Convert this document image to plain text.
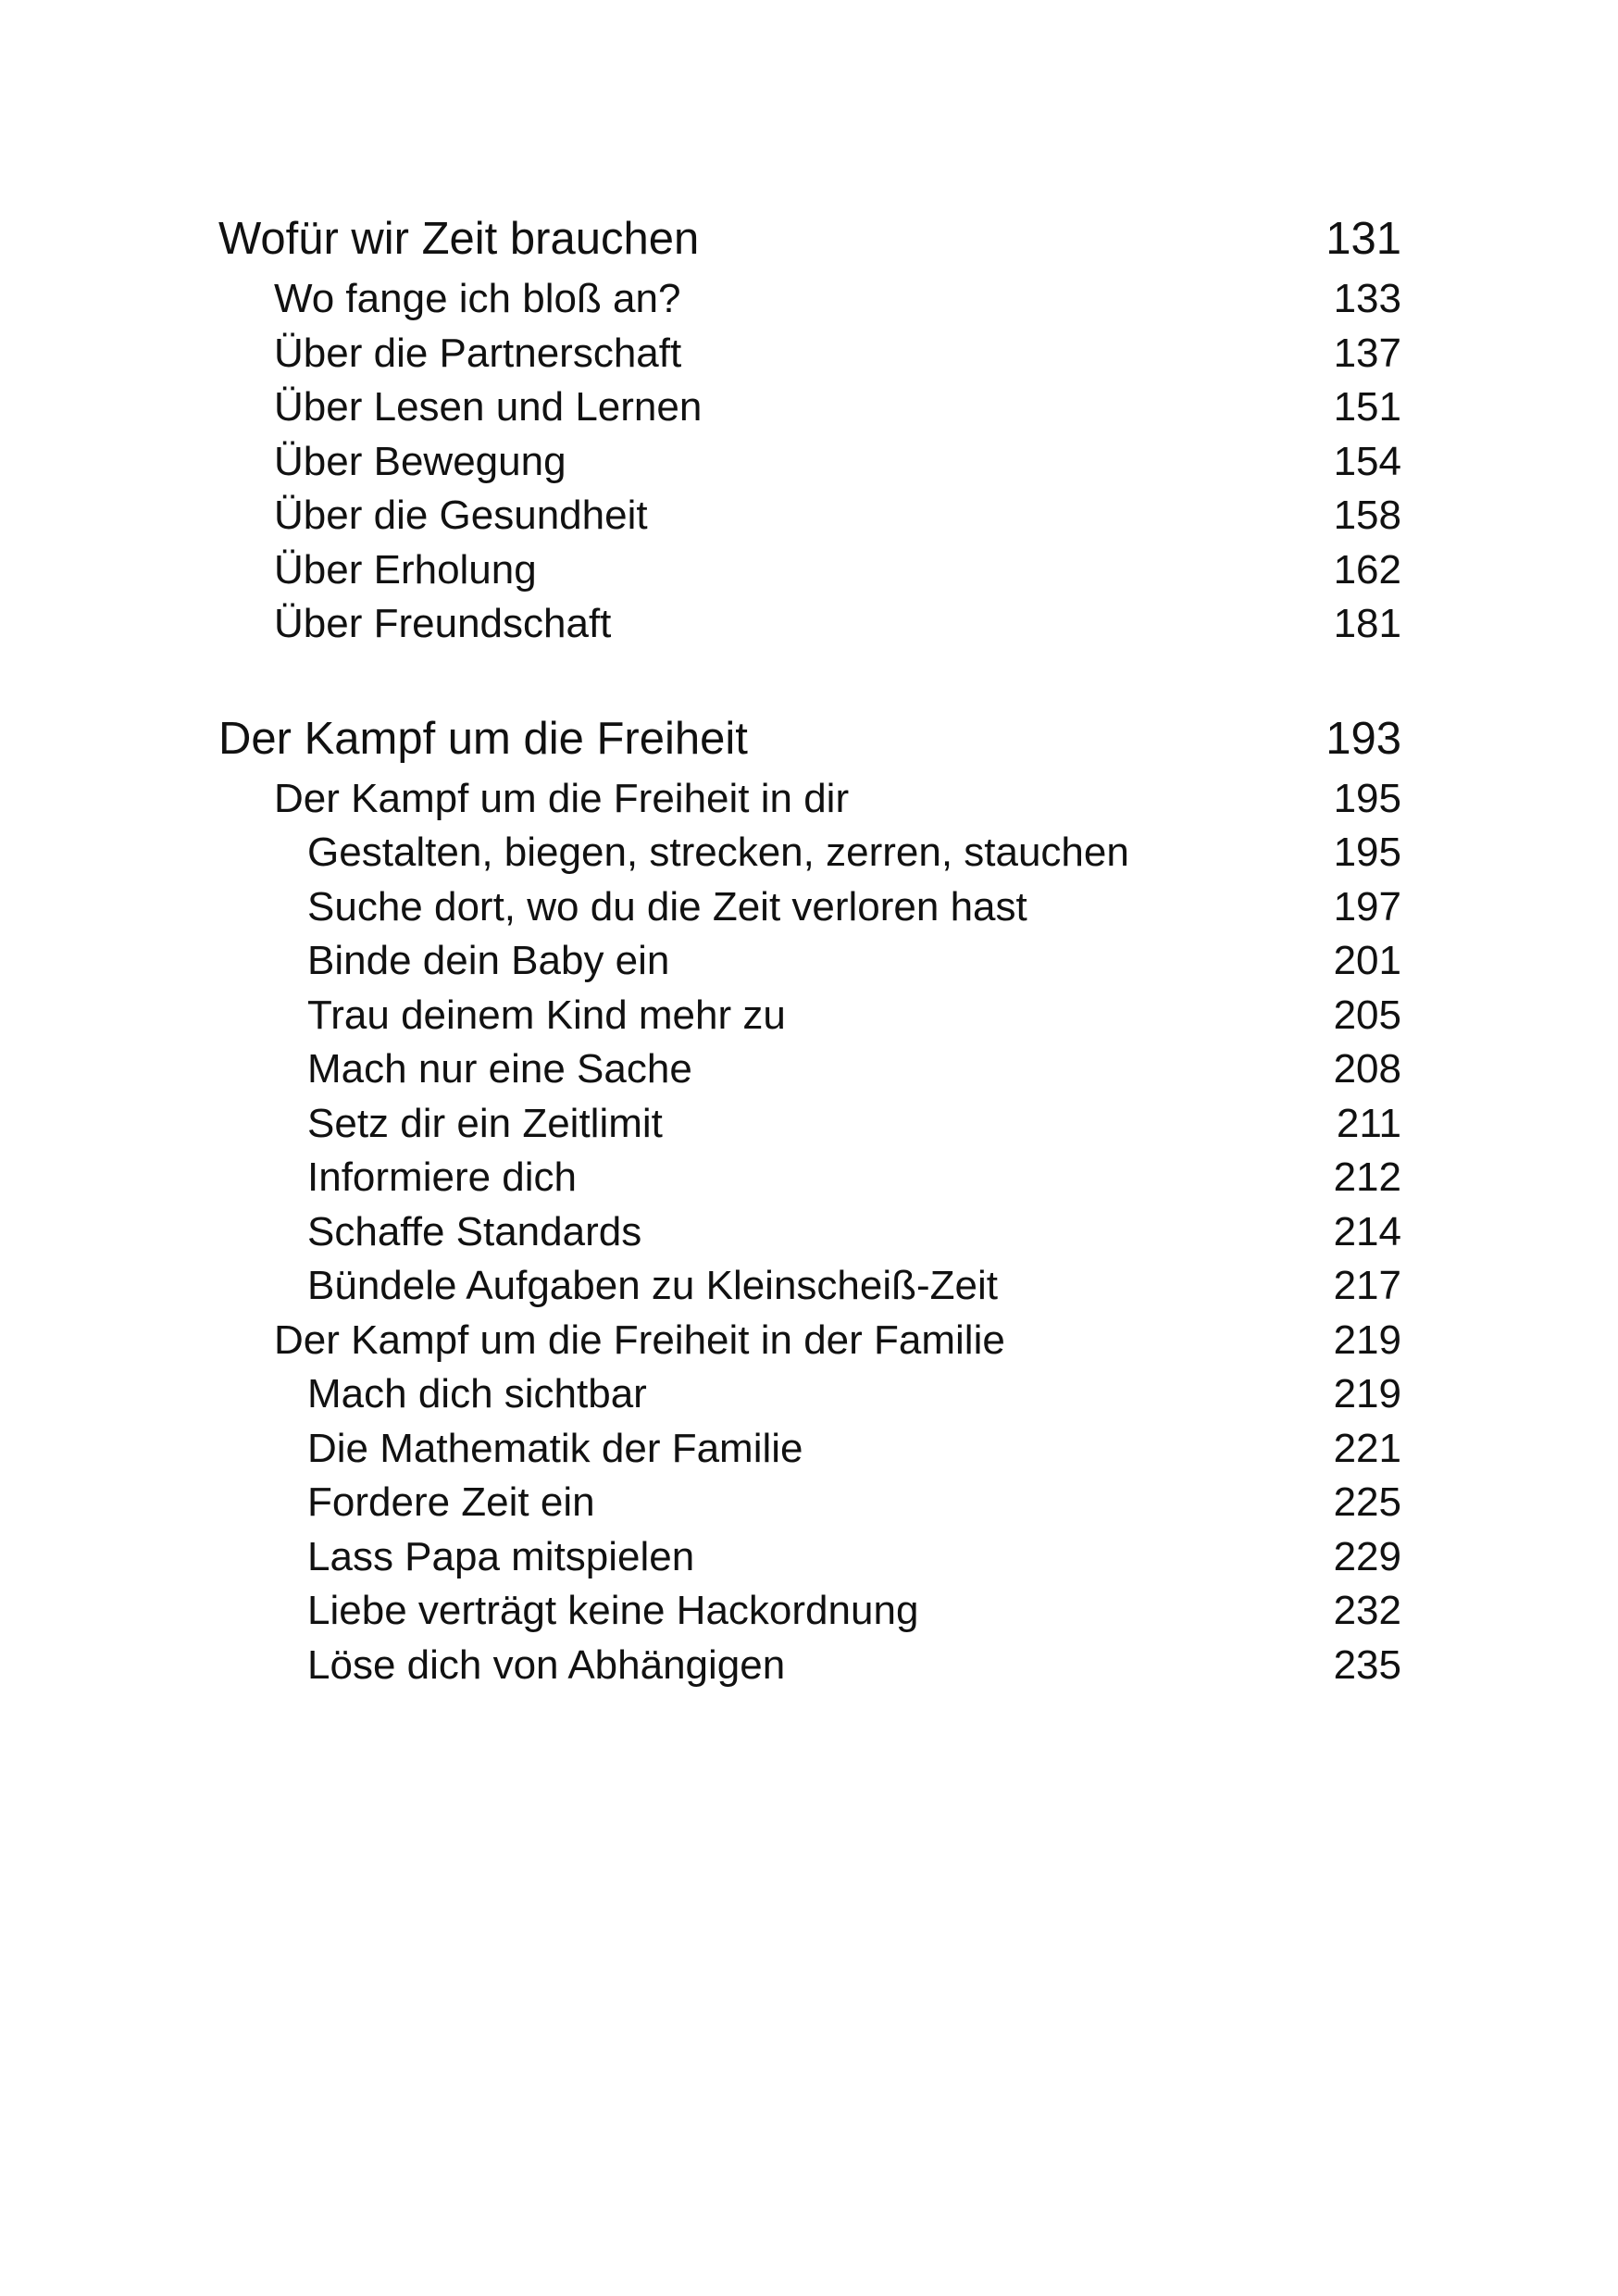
Wofür wir Zeit brauchen	131
Wo fange ich bloß an?	133
Über die Partnerschaft	137
Über Lesen und Lernen	151
Über Bewegung	154
Über die Gesundheit	158
Über Erholung	162
Über Freundschaft	181
Der Kampf um die Freiheit	193
Der Kampf um die Freiheit in dir	195
Gestalten, biegen, strecken, zerren, stauchen	195
Suche dort, wo du die Zeit verloren hast	197
Binde dein Baby ein	201
Trau deinem Kind mehr zu	205
Mach nur eine Sache	208
Setz dir ein Zeitlimit	211
Informiere dich	212
Schaffe Standards	214
Bündele Aufgaben zu Kleinscheiß-Zeit	217
Der Kampf um die Freiheit in der Familie	219
Mach dich sichtbar	219
Die Mathematik der Familie	221
Fordere Zeit ein	225
Lass Papa mitspielen	229
Liebe verträgt keine Hackordnung	232
Löse dich von Abhängigen	235
